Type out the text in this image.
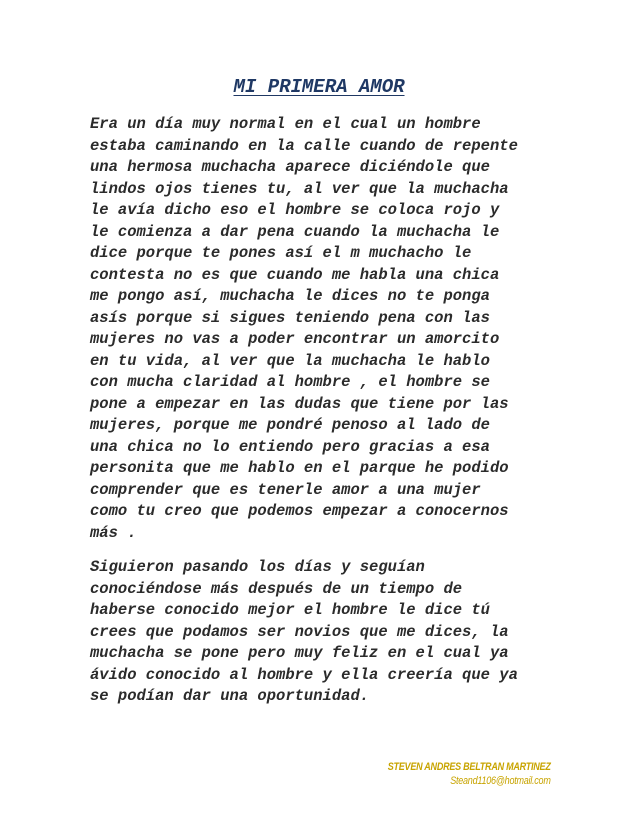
MI PRIMERA AMOR
Era un día muy normal en el cual un hombre
estaba caminando en la calle cuando de repente
una hermosa muchacha aparece diciéndole que
lindos ojos tienes tu, al ver que la muchacha
le avía dicho eso el hombre se coloca rojo y
le comienza a dar pena cuando la muchacha le
dice porque te pones así el m muchacho le
contesta no es que cuando me habla una chica
me pongo así, muchacha le dices no te ponga
asís porque si sigues teniendo pena con las
mujeres no vas a poder encontrar un amorcito
en tu vida, al ver que la muchacha le hablo
con mucha claridad al hombre , el hombre se
pone a empezar en las dudas que tiene por las
mujeres, porque me pondré penoso al lado de
una chica no lo entiendo pero gracias a esa
personita que me hablo en el parque he podido
comprender que es tenerle amor a una mujer
como tu creo que podemos empezar a conocernos
más .
Siguieron pasando los días y seguían
conociéndose más después de un tiempo de
haberse conocido mejor el hombre le dice tú
crees que podamos ser novios que me dices, la
muchacha se pone pero muy feliz en el cual ya
ávido conocido al hombre y ella creería que ya
se podían dar una oportunidad.
STEVEN ANDRES BELTRAN MARTINEZ
Steand1106@hotmail.com
